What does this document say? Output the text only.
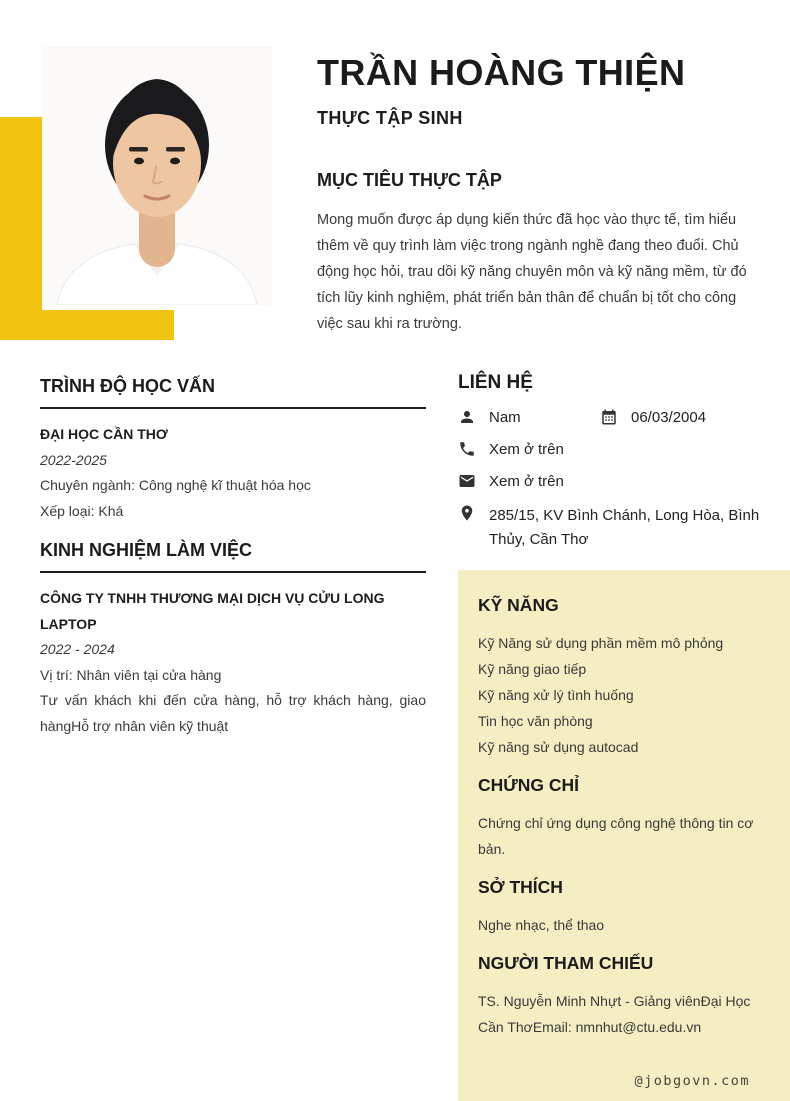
TRẦN HOÀNG THIỆN
THỰC TẬP SINH
MỤC TIÊU THỰC TẬP

Mong muốn được áp dụng kiến thức đã học vào thực tế, tìm hiểu thêm về quy trình làm việc trong ngành nghề đang theo đuổi. Chủ động học hỏi, trau dồi kỹ năng chuyên môn và kỹ năng mềm, từ đó tích lũy kinh nghiệm, phát triển bản thân để chuẩn bị tốt cho công việc sau khi ra trường.

TRÌNH ĐỘ HỌC VẤN
ĐẠI HỌC CẦN THƠ
2022-2025
Chuyên ngành: Công nghệ kĩ thuật hóa học
Xếp loại: Khá
KINH NGHIỆM LÀM VIỆC
CÔNG TY TNHH THƯƠNG MẠI DỊCH VỤ CỬU LONG LAPTOP
2022 - 2024
Vị trí: Nhân viên tại cửa hàng
Tư vấn khách khi đến cửa hàng, hỗ trợ khách hàng, giao hàngHỗ trợ nhân viên kỹ thuật
LIÊN HỆ
Nam	06/03/2004
Xem ở trên
Xem ở trên
285/15, KV Bình Chánh, Long Hòa, Bình Thủy, Cần Thơ
KỸ NĂNG
Kỹ Năng sử dụng phần mềm mô phỏng
Kỹ năng giao tiếp
Kỹ năng xử lý tình huống
Tin học văn phòng
Kỹ năng sử dụng autocad
CHỨNG CHỈ

Chứng chỉ ứng dụng công nghệ thông tin cơ bản.

SỞ THÍCH

Nghe nhạc, thể thao

NGƯỜI THAM CHIẾU

TS. Nguyễn Minh Nhựt - Giảng viênĐại Học Cần ThơEmail: nmnhut@ctu.edu.vn

@jobgovn.com
